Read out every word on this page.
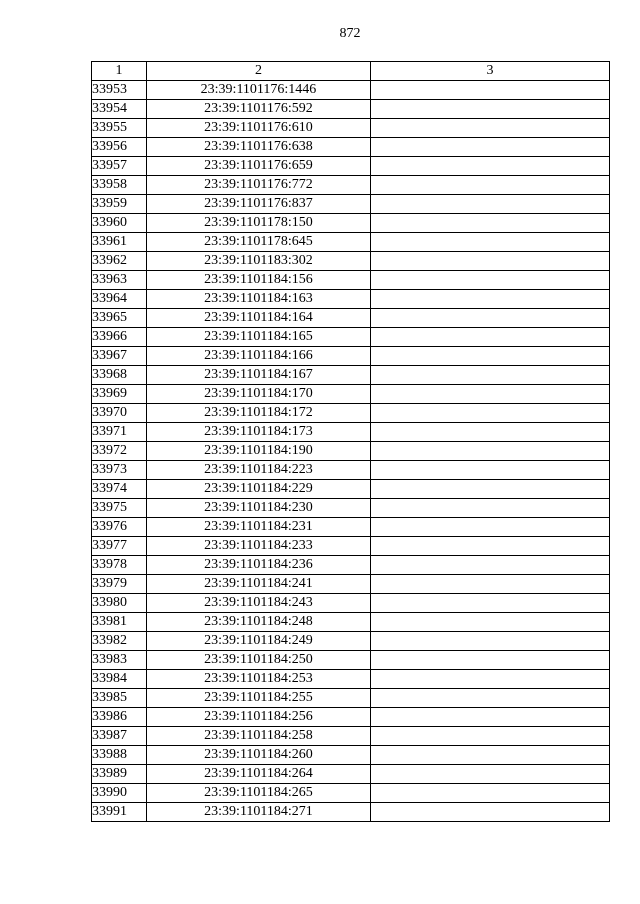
872
1	2	3
33953	23:39:1101176:1446	
33954	23:39:1101176:592	
33955	23:39:1101176:610	
33956	23:39:1101176:638	
33957	23:39:1101176:659	
33958	23:39:1101176:772	
33959	23:39:1101176:837	
33960	23:39:1101178:150	
33961	23:39:1101178:645	
33962	23:39:1101183:302	
33963	23:39:1101184:156	
33964	23:39:1101184:163	
33965	23:39:1101184:164	
33966	23:39:1101184:165	
33967	23:39:1101184:166	
33968	23:39:1101184:167	
33969	23:39:1101184:170	
33970	23:39:1101184:172	
33971	23:39:1101184:173	
33972	23:39:1101184:190	
33973	23:39:1101184:223	
33974	23:39:1101184:229	
33975	23:39:1101184:230	
33976	23:39:1101184:231	
33977	23:39:1101184:233	
33978	23:39:1101184:236	
33979	23:39:1101184:241	
33980	23:39:1101184:243	
33981	23:39:1101184:248	
33982	23:39:1101184:249	
33983	23:39:1101184:250	
33984	23:39:1101184:253	
33985	23:39:1101184:255	
33986	23:39:1101184:256	
33987	23:39:1101184:258	
33988	23:39:1101184:260	
33989	23:39:1101184:264	
33990	23:39:1101184:265	
33991	23:39:1101184:271	
